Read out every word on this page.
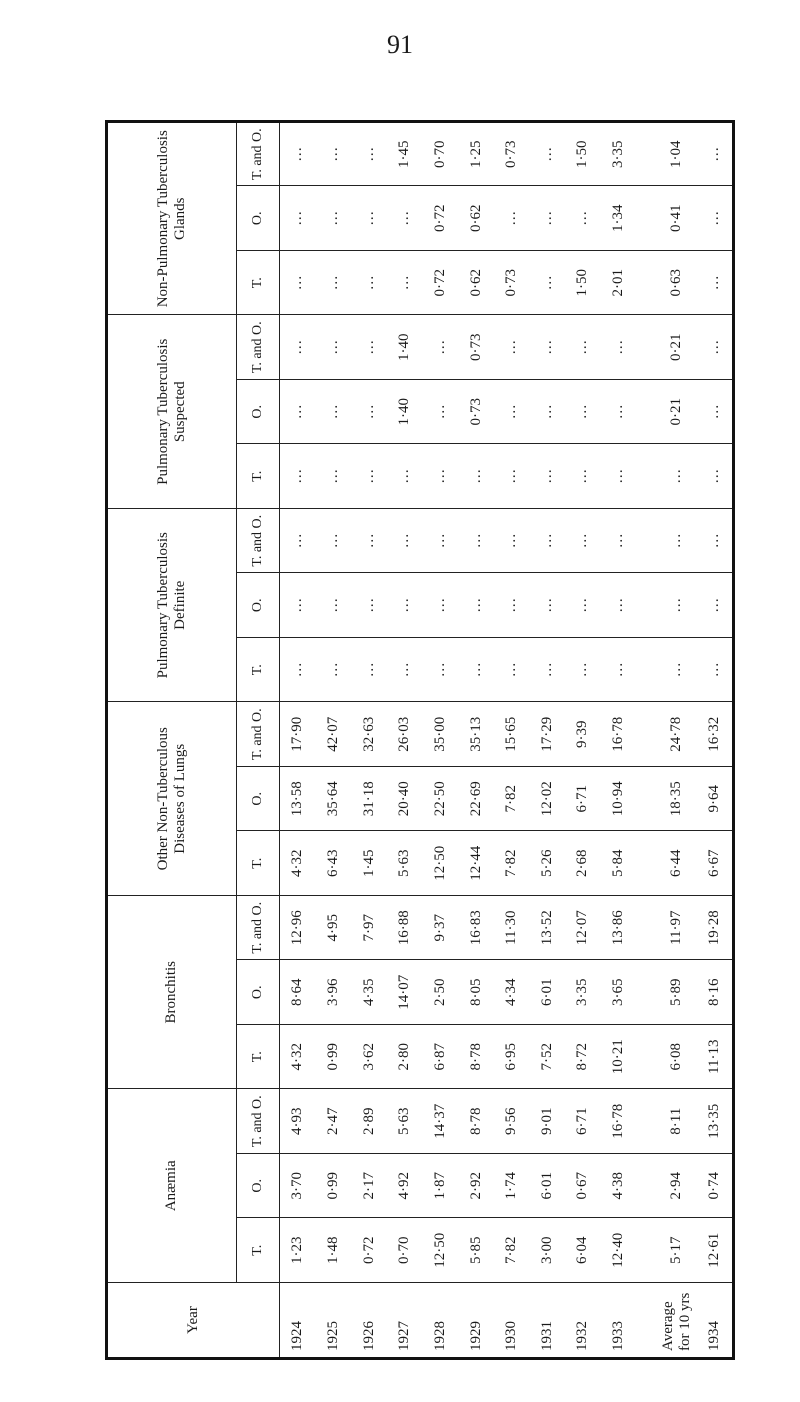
91
Year	Anæmia			Bronchitis			Other Non-Tuberculous Diseases of Lungs			Pulmonary Tuberculosis Definite			Pulmonary Tuberculosis Suspected			Non-Pulmonary Tuberculosis Glands		
	T.	O.	T. and O.	T.	O.	T. and O.	T.	O.	T. and O.	T.	O.	T. and O.	T.	O.	T. and O.	T.	O.	T. and O.
1924	1·23	3·70	4·93	4·32	8·64	12·96	4·32	13·58	17·90	…	…	…	…	…	…	…	…	…
1925	1·48	0·99	2·47	0·99	3·96	4·95	6·43	35·64	42·07	…	…	…	…	…	…	…	…	…
1926	0·72	2·17	2·89	3·62	4·35	7·97	1·45	31·18	32·63	…	…	…	…	…	…	…	…	…
1927	0·70	4·92	5·63	2·80	14·07	16·88	5·63	20·40	26·03	…	…	…	…	1·40	1·40	…	…	1·45
1928	12·50	1·87	14·37	6·87	2·50	9·37	12·50	22·50	35·00	…	…	…	…	…	…	0·72	0·72	0·70
1929	5·85	2·92	8·78	8·78	8·05	16·83	12·44	22·69	35·13	…	…	…	…	0·73	0·73	0·62	0·62	1·25
1930	7·82	1·74	9·56	6·95	4·34	11·30	7·82	7·82	15·65	…	…	…	…	…	…	0·73	…	0·73
1931	3·00	6·01	9·01	7·52	6·01	13·52	5·26	12·02	17·29	…	…	…	…	…	…	…	…	…
1932	6·04	0·67	6·71	8·72	3·35	12·07	2·68	6·71	9·39	…	…	…	…	…	…	1·50	…	1·50
1933	12·40	4·38	16·78	10·21	3·65	13·86	5·84	10·94	16·78	…	…	…	…	…	…	2·01	1·34	3·35

Average for 10 yrs	5·17	2·94	8·11	6·08	5·89	11·97	6·44	18·35	24·78	…	…	…	…	0·21	0·21	0·63	0·41	1·04
1934	12·61	0·74	13·35	11·13	8·16	19·28	6·67	9·64	16·32	…	…	…	…	…	…	…	…	…
